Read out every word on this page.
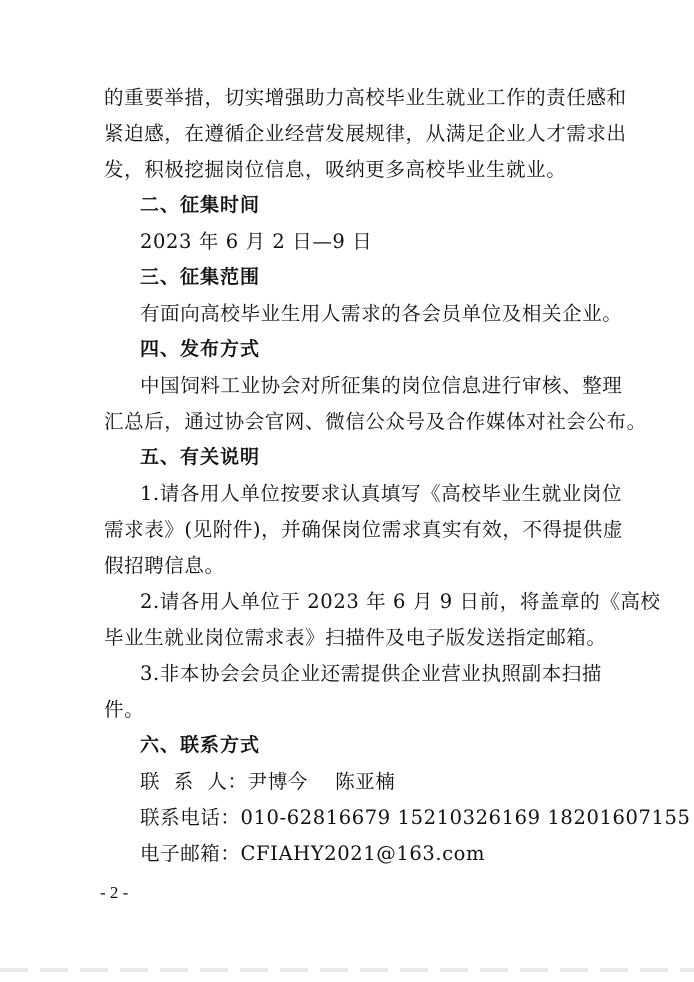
的重要举措，切实增强助力高校毕业生就业工作的责任感和
紧迫感，在遵循企业经营发展规律，从满足企业人才需求出
发，积极挖掘岗位信息，吸纳更多高校毕业生就业。
二、征集时间
2023 年 6 月 2 日—9 日
三、征集范围
有面向高校毕业生用人需求的各会员单位及相关企业。
四、发布方式
中国饲料工业协会对所征集的岗位信息进行审核、整理
汇总后，通过协会官网、微信公众号及合作媒体对社会公布。
五、有关说明
1.请各用人单位按要求认真填写《高校毕业生就业岗位
需求表》(见附件)，并确保岗位需求真实有效，不得提供虚
假招聘信息。
2.请各用人单位于 2023 年 6 月 9 日前，将盖章的《高校
毕业生就业岗位需求表》扫描件及电子版发送指定邮箱。
3.非本协会会员企业还需提供企业营业执照副本扫描
件。
六、联系方式
联  系  人：尹博今    陈亚楠
联系电话：010-62816679 15210326169 18201607155
电子邮箱：CFIAHY2021@163.com
- 2 -
